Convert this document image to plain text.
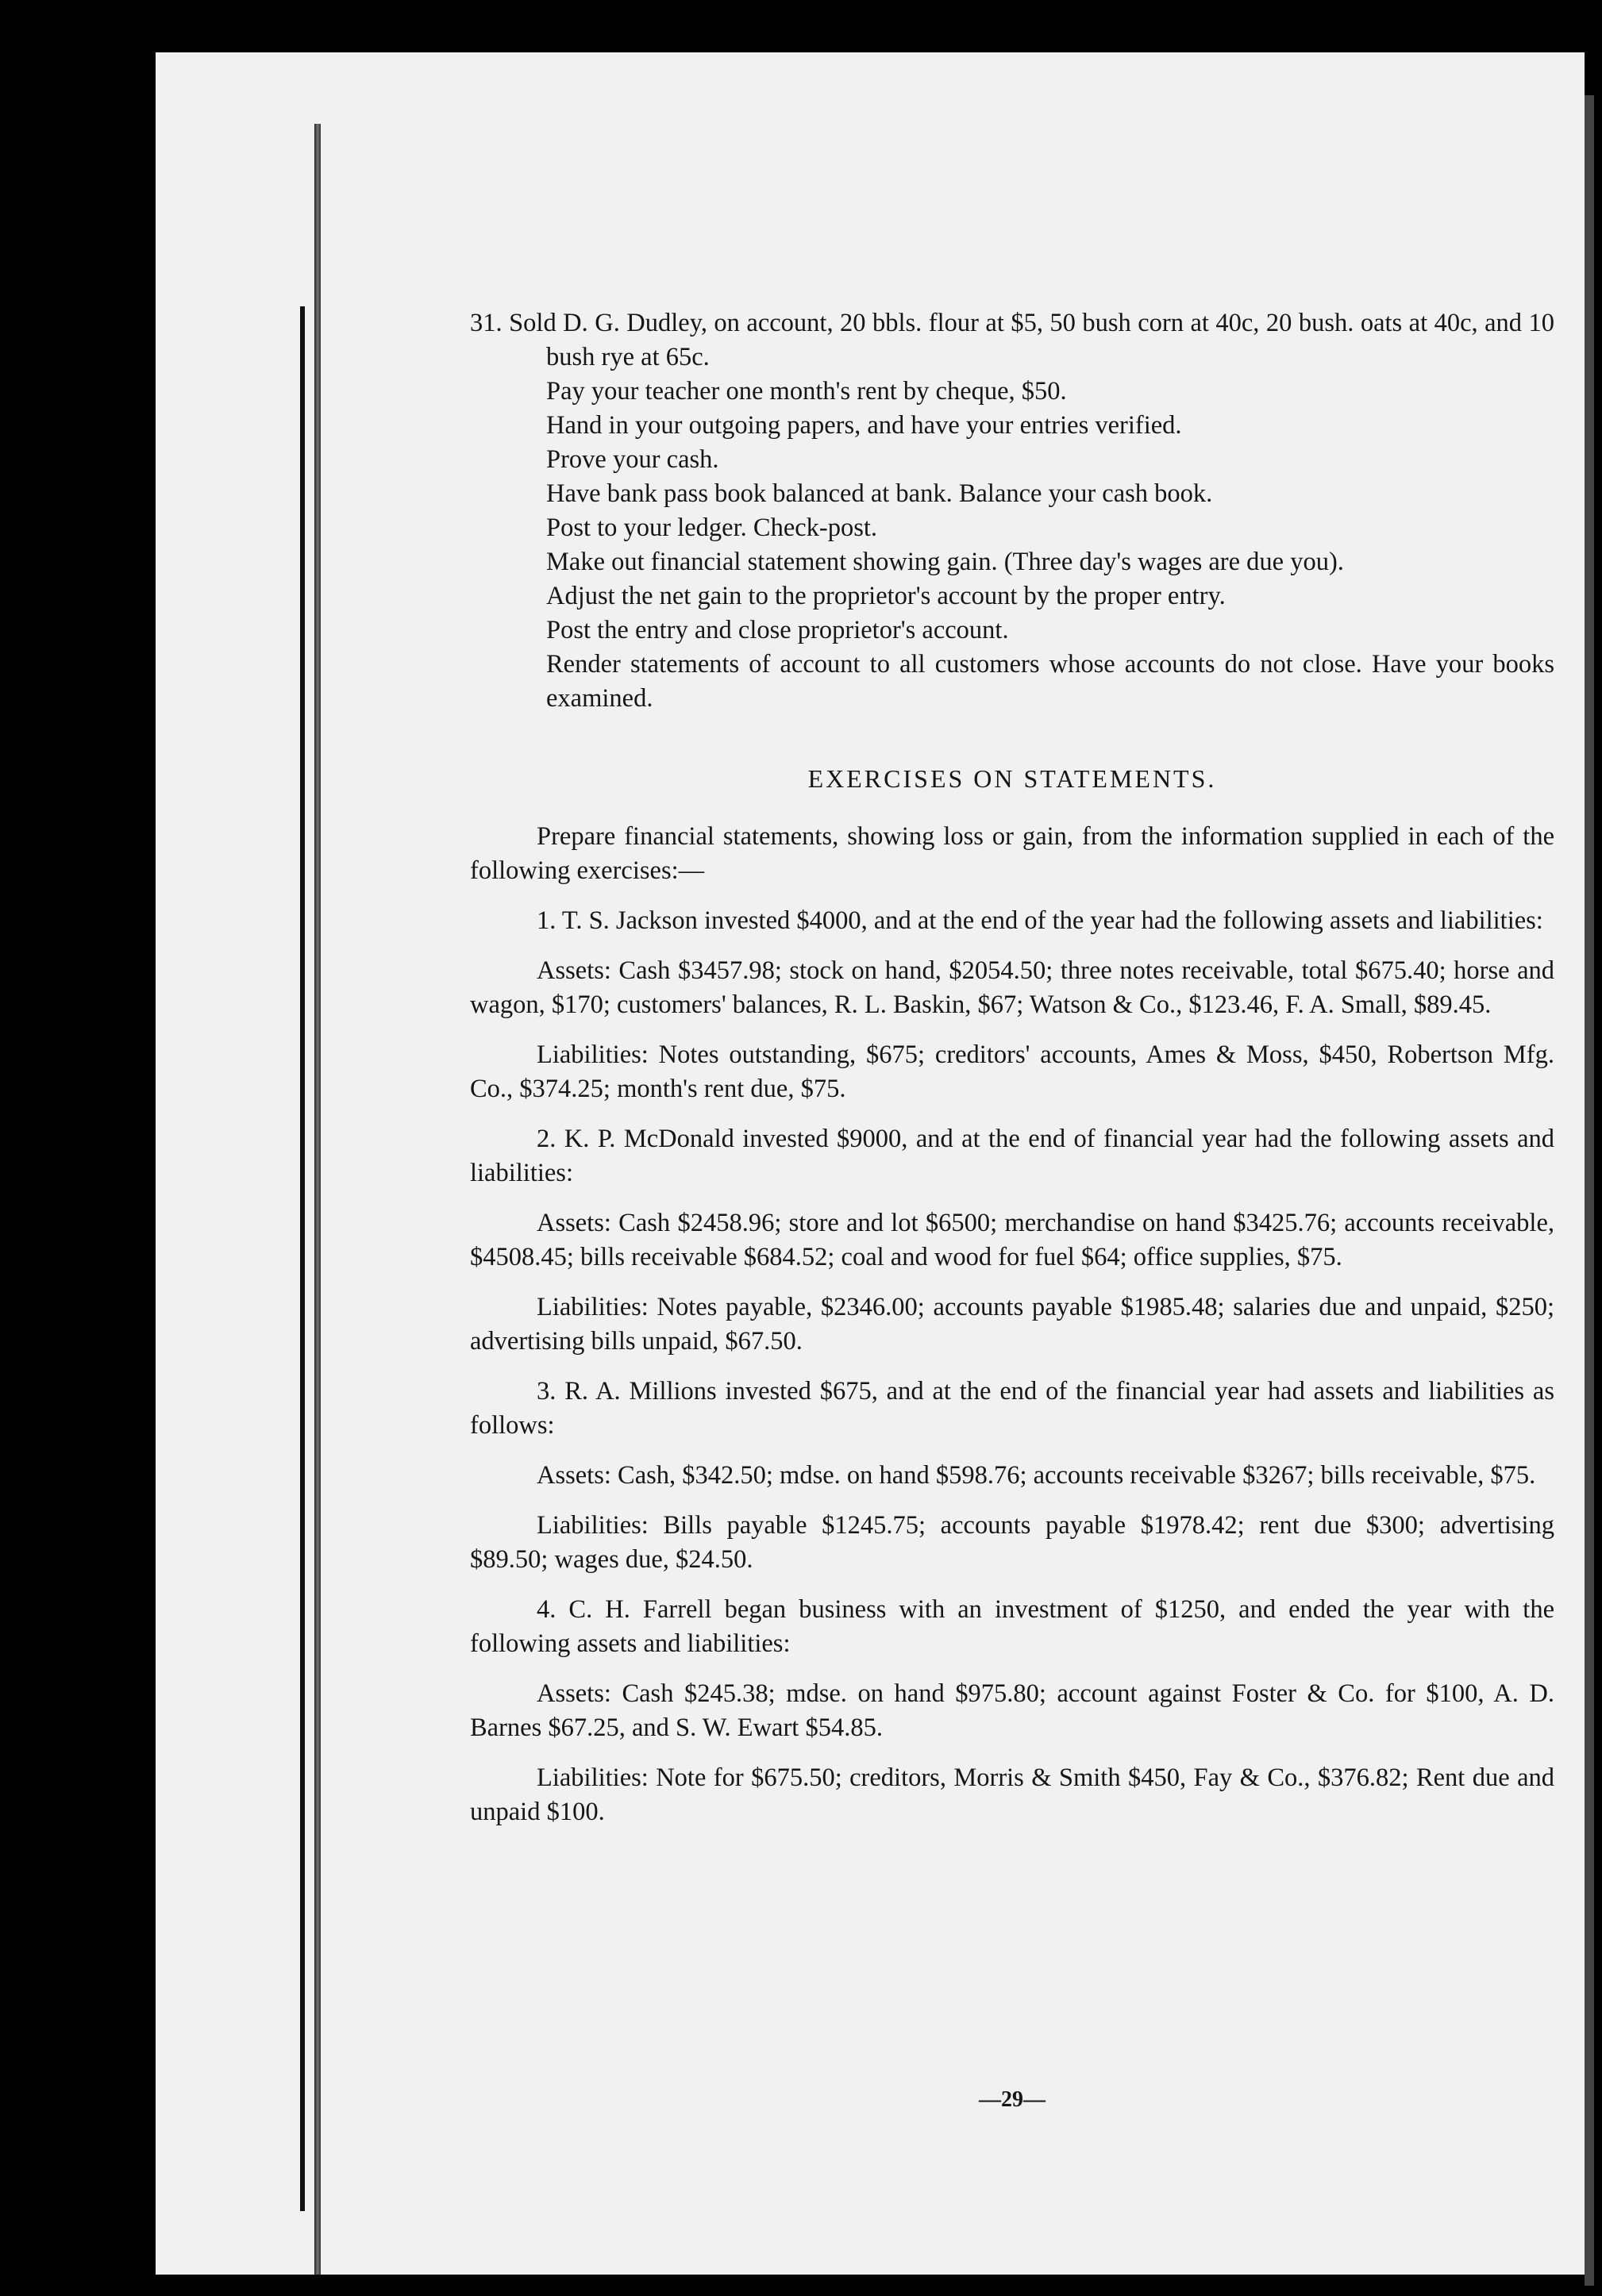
31. Sold D. G. Dudley, on account, 20 bbls. flour at $5, 50 bush corn at 40c, 20 bush. oats at 40c, and 10 bush rye at 65c.

Pay your teacher one month's rent by cheque, $50.

Hand in your outgoing papers, and have your entries verified.

Prove your cash.

Have bank pass book balanced at bank. Balance your cash book.

Post to your ledger. Check-post.

Make out financial statement showing gain. (Three day's wages are due you).

Adjust the net gain to the proprietor's account by the proper entry.

Post the entry and close proprietor's account.

Render statements of account to all customers whose accounts do not close. Have your books examined.

EXERCISES ON STATEMENTS.

Prepare financial statements, showing loss or gain, from the information supplied in each of the following exercises:—

1. T. S. Jackson invested $4000, and at the end of the year had the following assets and liabilities:

Assets: Cash $3457.98; stock on hand, $2054.50; three notes receivable, total $675.40; horse and wagon, $170; customers' balances, R. L. Baskin, $67; Watson & Co., $123.46, F. A. Small, $89.45.

Liabilities: Notes outstanding, $675; creditors' accounts, Ames & Moss, $450, Robertson Mfg. Co., $374.25; month's rent due, $75.

2. K. P. McDonald invested $9000, and at the end of financial year had the following assets and liabilities:

Assets: Cash $2458.96; store and lot $6500; merchandise on hand $3425.76; accounts receivable, $4508.45; bills receivable $684.52; coal and wood for fuel $64; office supplies, $75.

Liabilities: Notes payable, $2346.00; accounts payable $1985.48; salaries due and unpaid, $250; advertising bills unpaid, $67.50.

3. R. A. Millions invested $675, and at the end of the financial year had assets and liabilities as follows:

Assets: Cash, $342.50; mdse. on hand $598.76; accounts receivable $3267; bills receivable, $75.

Liabilities: Bills payable $1245.75; accounts payable $1978.42; rent due $300; advertising $89.50; wages due, $24.50.

4. C. H. Farrell began business with an investment of $1250, and ended the year with the following assets and liabilities:

Assets: Cash $245.38; mdse. on hand $975.80; account against Foster & Co. for $100, A. D. Barnes $67.25, and S. W. Ewart $54.85.

Liabilities: Note for $675.50; creditors, Morris & Smith $450, Fay & Co., $376.82; Rent due and unpaid $100.

—29—
